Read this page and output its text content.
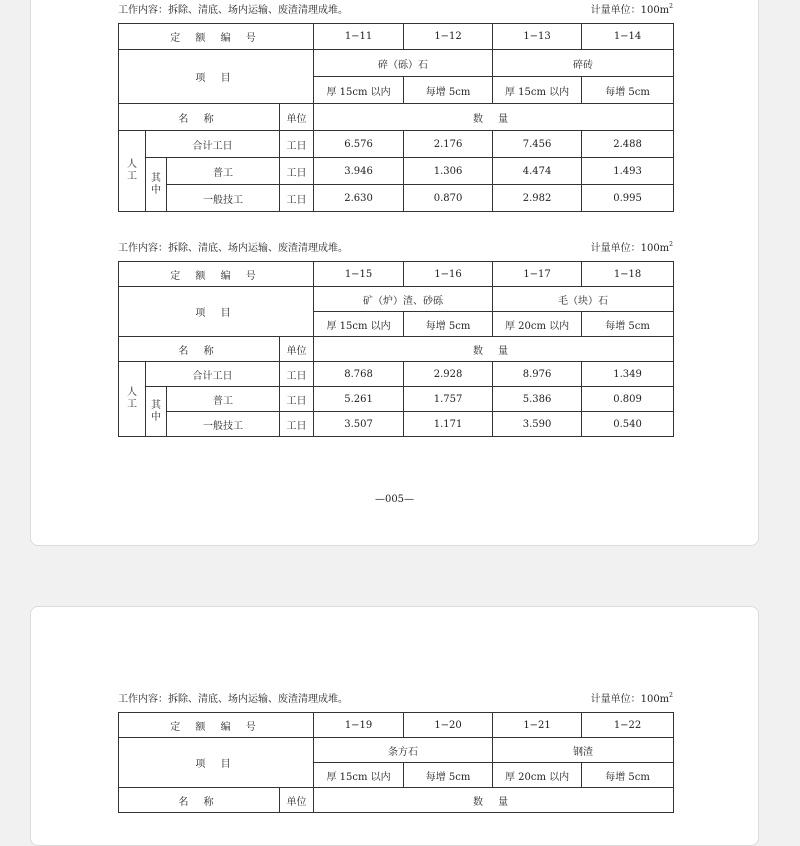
—005—
工作内容：拆除、清底、场内运输、废渣清理成堆。	计量单位：$100m^2$
定 额 编 号				1−11	1−12	1−13	1−14
项 目				碎（砾）石		碎砖	
				厚 15cm 以内	每增 5cm	厚 15cm 以内	每增 5cm
名 称			单位	数 量			

人
工	合计工日		工日	6.576	2.176	7.456	2.488

	其
中	普工	工日	3.946	1.306	4.474	1.493
		一般技工	工日	2.630	0.870	2.982	0.995
工作内容：拆除、清底、场内运输、废渣清理成堆。	计量单位：$100m^2$
定 额 编 号				1−15	1−16	1−17	1−18
项 目				矿（炉）渣、砂砾		毛（块）石	
				厚 15cm 以内	每增 5cm	厚 20cm 以内	每增 5cm
名 称			单位	数 量			

人
工	合计工日		工日	8.768	2.928	8.976	1.349

	其
中	普工	工日	5.261	1.757	5.386	0.809
		一般技工	工日	3.507	1.171	3.590	0.540
工作内容：拆除、清底、场内运输、废渣清理成堆。	计量单位：$100m^2$
定 额 编 号		1−19	1−20	1−21	1−22
项 目		条方石		钢渣	
		厚 15cm 以内	每增 5cm	厚 20cm 以内	每增 5cm
名 称	单位	数 量			
